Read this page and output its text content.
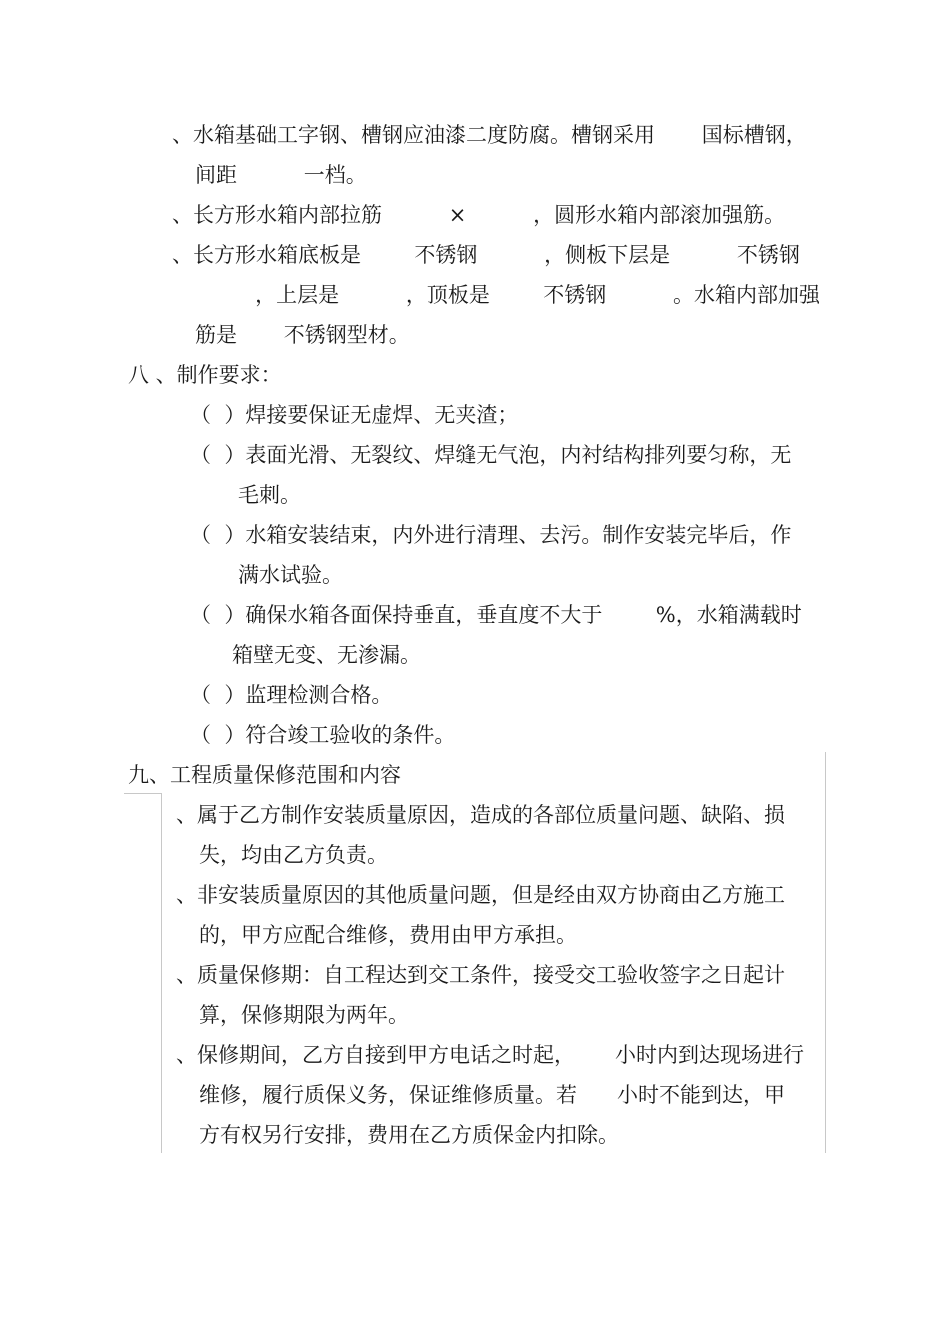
、水箱基础工字钢、槽钢应油漆二度防腐。槽钢采用       国标槽钢，

间距          一档。

、长方形水箱内部拉筋          ×          ，圆形水箱内部滚加强筋。

、长方形水箱底板是        不锈钢          ，侧板下层是          不锈钢

，上层是          ，顶板是        不锈钢          。水箱内部加强

筋是       不锈钢型材。

八 、制作要求：

（  ）焊接要保证无虚焊、无夹渣；

（  ）表面光滑、无裂纹、焊缝无气泡，内衬结构排列要匀称，无

毛刺。

（  ）水箱安装结束，内外进行清理、去污。制作安装完毕后，作

满水试验。

（  ）确保水箱各面保持垂直，垂直度不大于        %，水箱满载时

箱壁无变、无渗漏。

（  ）监理检测合格。

（  ）符合竣工验收的条件。

九、工程质量保修范围和内容

、属于乙方制作安装质量原因，造成的各部位质量问题、缺陷、损

失，均由乙方负责。

、非安装质量原因的其他质量问题，但是经由双方协商由乙方施工

的，甲方应配合维修，费用由甲方承担。

、质量保修期：自工程达到交工条件，接受交工验收签字之日起计

算，保修期限为两年。

、保修期间，乙方自接到甲方电话之时起，      小时内到达现场进行

维修，履行质保义务，保证维修质量。若      小时不能到达，甲

方有权另行安排，费用在乙方质保金内扣除。
